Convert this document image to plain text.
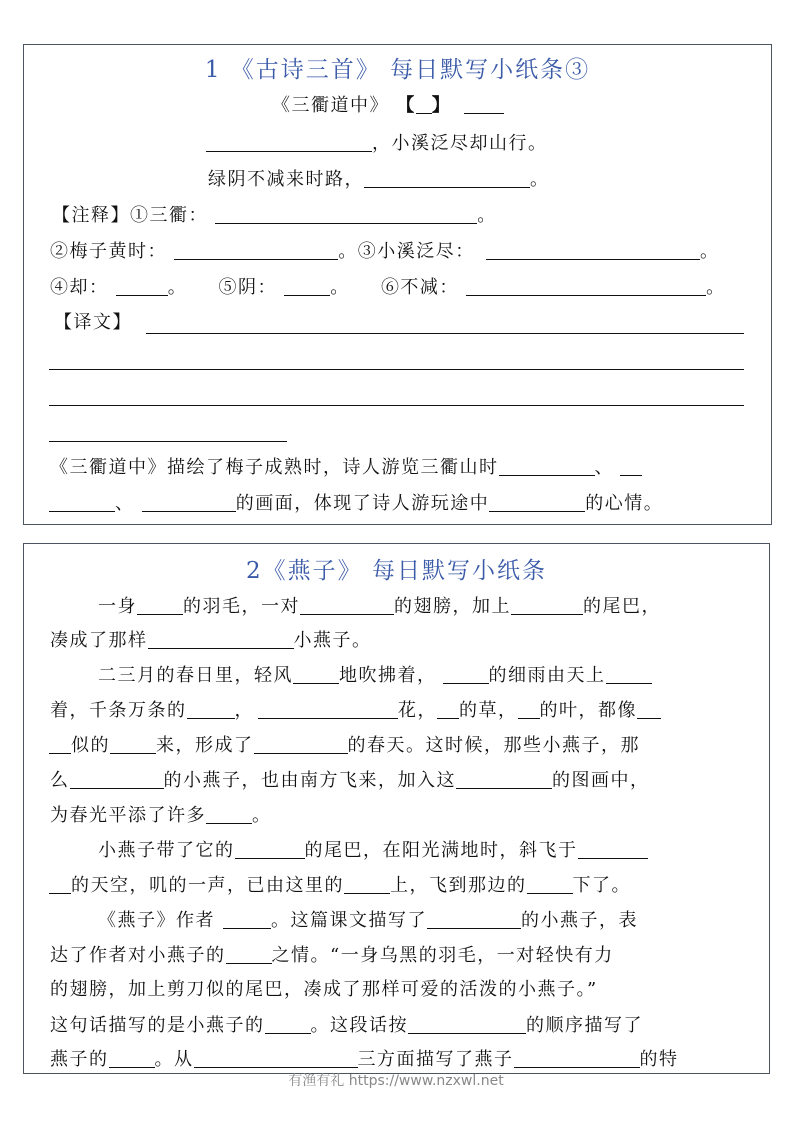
1 《古诗三首》 每日默写小纸条③
《三衢道中》 【 】
，小溪泛尽却山行。
绿阴不减来时路，	。
【注释】①三衢：	。
②梅子黄时：	。③小溪泛尽：	。
④却：	。 ⑤阴：	。 ⑥不减：	。
【译文】
《三衢道中》描绘了梅子成熟时，诗人游览三衢山时	、
、	的画面，体现了诗人游玩途中	的心情。
2《燕子》 每日默写小纸条
一身	的羽毛，一对	的翅膀，加上	的尾巴，
凑成了那样	小燕子。
二三月的春日里，轻风	地吹拂着，	的细雨由天上
着，千条万条的	，	花， 的草， 的叶，都像
似的	来，形成了	的春天。这时候，那些小燕子，那
么	的小燕子，也由南方飞来，加入这	的图画中，
为春光平添了许多	。
小燕子带了它的	的尾巴，在阳光满地时，斜飞于
的天空，叽的一声，已由这里的	上，飞到那边的	下了。
《燕子》作者	。这篇课文描写了	的小燕子，表
达了作者对小燕子的	之情。“一身乌黑的羽毛，一对轻快有力
的翅膀，加上剪刀似的尾巴，凑成了那样可爱的活泼的小燕子。”
这句话描写的是小燕子的	。这段话按	的顺序描写了
燕子的	。从	三方面描写了燕子	的特
有渔有礼 https://www.nzxwl.net
